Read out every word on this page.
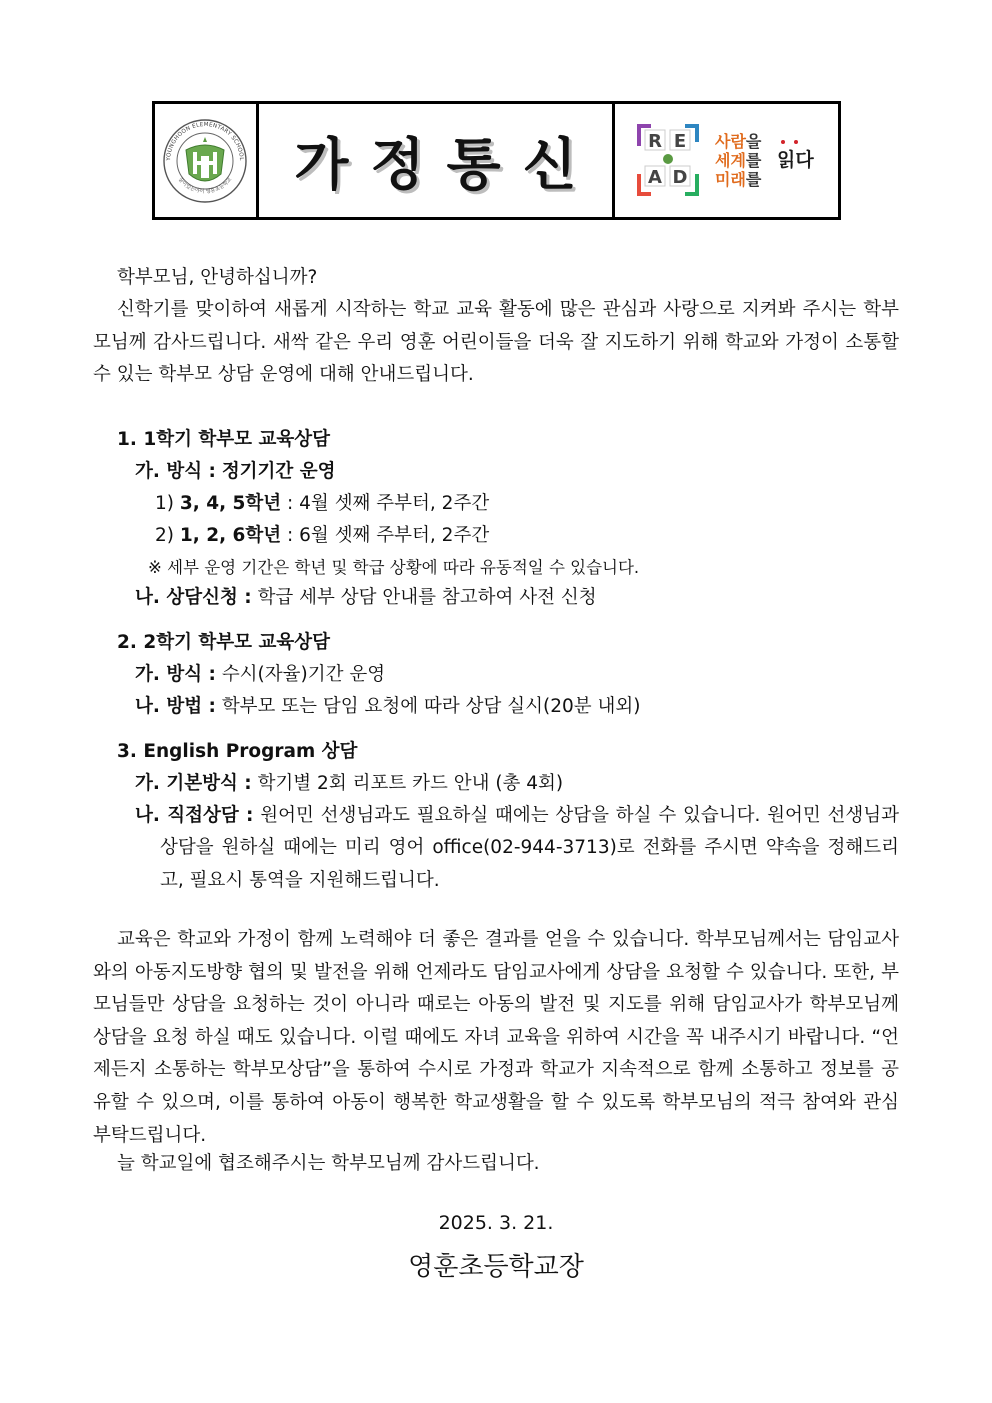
YOUNGHOON ELEMENTARY SCHOOL
꿈이있는아이 영훈초등학교 가정통신	R E
A D
사람을
세계를 읽다
미래를
학부모님, 안녕하십니까?
신학기를 맞이하여 새롭게 시작하는 학교 교육 활동에 많은 관심과 사랑으로 지켜봐 주시는 학부모님께 감사드립니다. 새싹 같은 우리 영훈 어린이들을 더욱 잘 지도하기 위해 학교와 가정이 소통할 수 있는 학부모 상담 운영에 대해 안내드립니다.
1. 1학기 학부모 교육상담
가. 방식 : 정기기간 운영
1) 3, 4, 5학년 : 4월 셋째 주부터, 2주간
2) 1, 2, 6학년 : 6월 셋째 주부터, 2주간
※ 세부 운영 기간은 학년 및 학급 상황에 따라 유동적일 수 있습니다.
나. 상담신청 : 학급 세부 상담 안내를 참고하여 사전 신청
2. 2학기 학부모 교육상담
가. 방식 : 수시(자율)기간 운영
나. 방법 : 학부모 또는 담임 요청에 따라 상담 실시(20분 내외)
3. English Program 상담
가. 기본방식 : 학기별 2회 리포트 카드 안내 (총 4회)
나. 직접상담 : 원어민 선생님과도 필요하실 때에는 상담을 하실 수 있습니다. 원어민 선생님과 상담을 원하실 때에는 미리 영어 office(02-944-3713)로 전화를 주시면 약속을 정해드리고, 필요시 통역을 지원해드립니다.
교육은 학교와 가정이 함께 노력해야 더 좋은 결과를 얻을 수 있습니다. 학부모님께서는 담임교사와의 아동지도방향 협의 및 발전을 위해 언제라도 담임교사에게 상담을 요청할 수 있습니다. 또한, 부모님들만 상담을 요청하는 것이 아니라 때로는 아동의 발전 및 지도를 위해 담임교사가 학부모님께 상담을 요청 하실 때도 있습니다. 이럴 때에도 자녀 교육을 위하여 시간을 꼭 내주시기 바랍니다. “언제든지 소통하는 학부모상담”을 통하여 수시로 가정과 학교가 지속적으로 함께 소통하고 정보를 공유할 수 있으며, 이를 통하여 아동이 행복한 학교생활을 할 수 있도록 학부모님의 적극 참여와 관심 부탁드립니다.
늘 학교일에 협조해주시는 학부모님께 감사드립니다.
2025. 3. 21.
영훈초등학교장
